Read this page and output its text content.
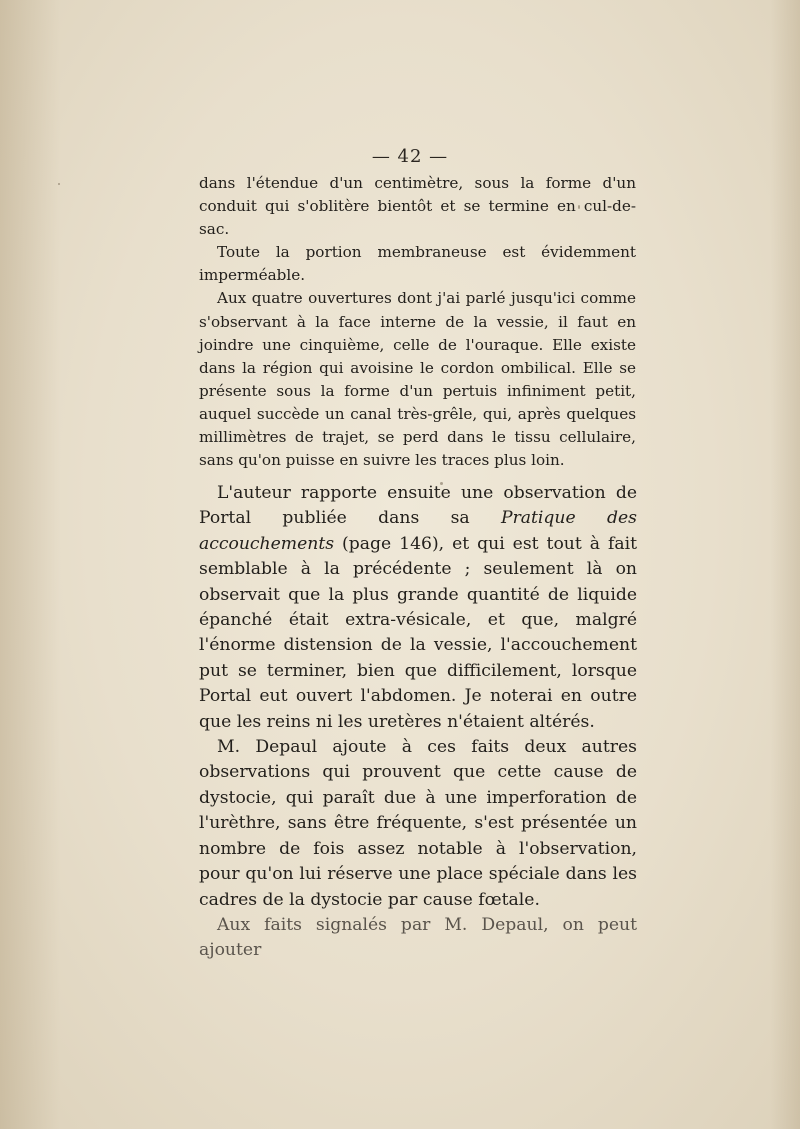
— 42 —

dans l'étendue d'un centimètre, sous la forme d'un conduit qui s'oblitère bientôt et se termine en cul-de-sac.

Toute la portion membraneuse est évidemment imperméable.

Aux quatre ouvertures dont j'ai parlé jusqu'ici comme s'observant à la face interne de la vessie, il faut en joindre une cinquième, celle de l'ouraque. Elle existe dans la région qui avoisine le cordon ombilical. Elle se présente sous la forme d'un pertuis infiniment petit, auquel succède un canal très-grêle, qui, après quelques millimètres de trajet, se perd dans le tissu cellulaire, sans qu'on puisse en suivre les traces plus loin.

L'auteur rapporte ensuite une observation de Portal publiée dans sa Pratique des accouchements (page 146), et qui est tout à fait semblable à la précédente ; seulement là on observait que la plus grande quantité de liquide épanché était extra-vésicale, et que, malgré l'énorme distension de la vessie, l'accouchement put se terminer, bien que difficilement, lorsque Portal eut ouvert l'abdomen. Je noterai en outre que les reins ni les uretères n'étaient altérés.

M. Depaul ajoute à ces faits deux autres observations qui prouvent que cette cause de dystocie, qui paraît due à une imperforation de l'urèthre, sans être fréquente, s'est présentée un nombre de fois assez notable à l'observation, pour qu'on lui réserve une place spéciale dans les cadres de la dystocie par cause fœtale.

Aux faits signalés par M. Depaul, on peut ajouter
